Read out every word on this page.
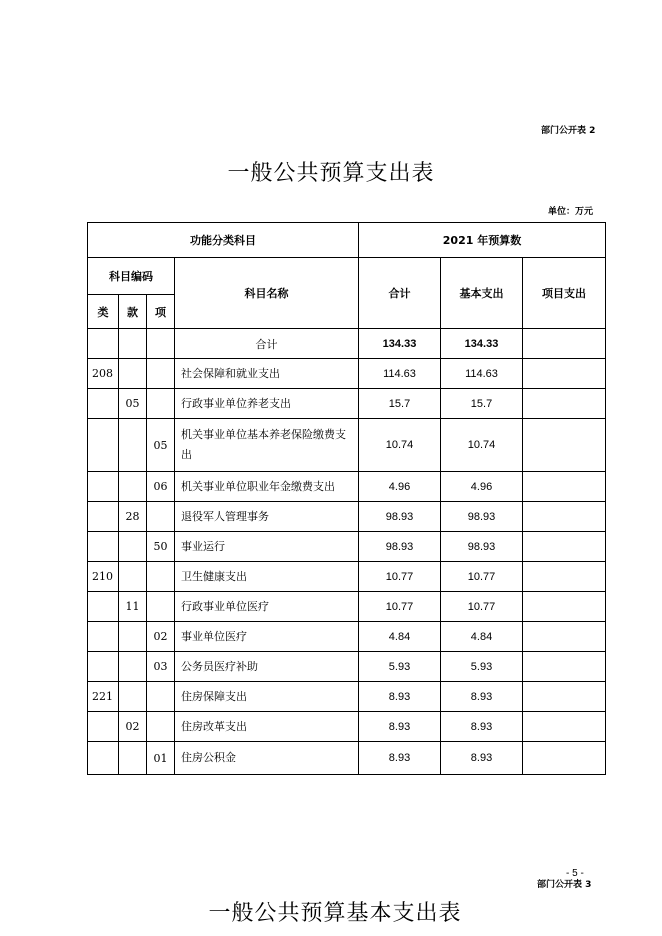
部门公开表 2
一般公共预算支出表
单位：万元
功能分类科目				2021 年预算数		
科目编码			科目名称	合计	基本支出	项目支出
类	款	项				
			合计	134.33	134.33	
208			社会保障和就业支出	114.63	114.63	
	05		行政事业单位养老支出	15.7	15.7	
		05	机关事业单位基本养老保险缴费支出	10.74	10.74	
		06	机关事业单位职业年金缴费支出	4.96	4.96	
	28		退役军人管理事务	98.93	98.93	
		50	事业运行	98.93	98.93	
210			卫生健康支出	10.77	10.77	
	11		行政事业单位医疗	10.77	10.77	
		02	事业单位医疗	4.84	4.84	
		03	公务员医疗补助	5.93	5.93	
221			住房保障支出	8.93	8.93	
	02		住房改革支出	8.93	8.93	
		01	住房公积金	8.93	8.93	
- 5 -
部门公开表 3
一般公共预算基本支出表
